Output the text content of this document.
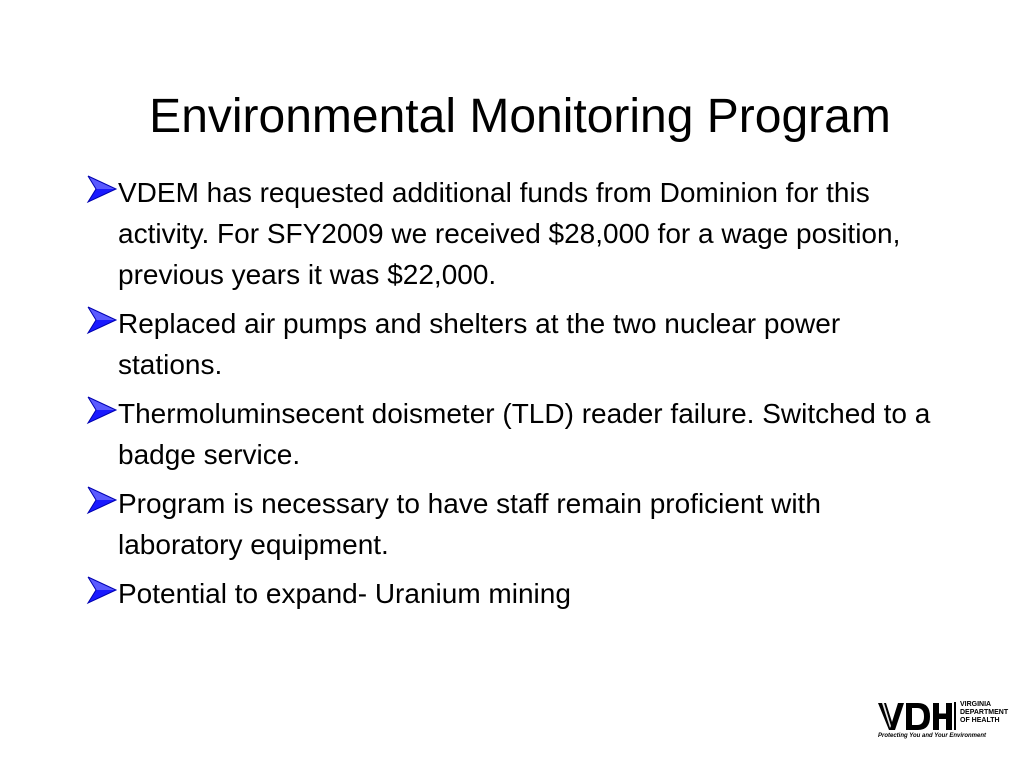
Environmental Monitoring Program
VDEM has requested additional funds from Dominion for this activity. For SFY2009 we received $28,000 for a wage position, previous years it was $22,000.
Replaced air pumps and shelters at the two nuclear power stations.
Thermoluminsecent doismeter (TLD) reader failure. Switched to a badge service.
Program is necessary to have staff remain proficient with laboratory equipment.
Potential to expand- Uranium mining
VIRGINIA
DEPARTMENT
OF HEALTH
Protecting You and Your Environment
